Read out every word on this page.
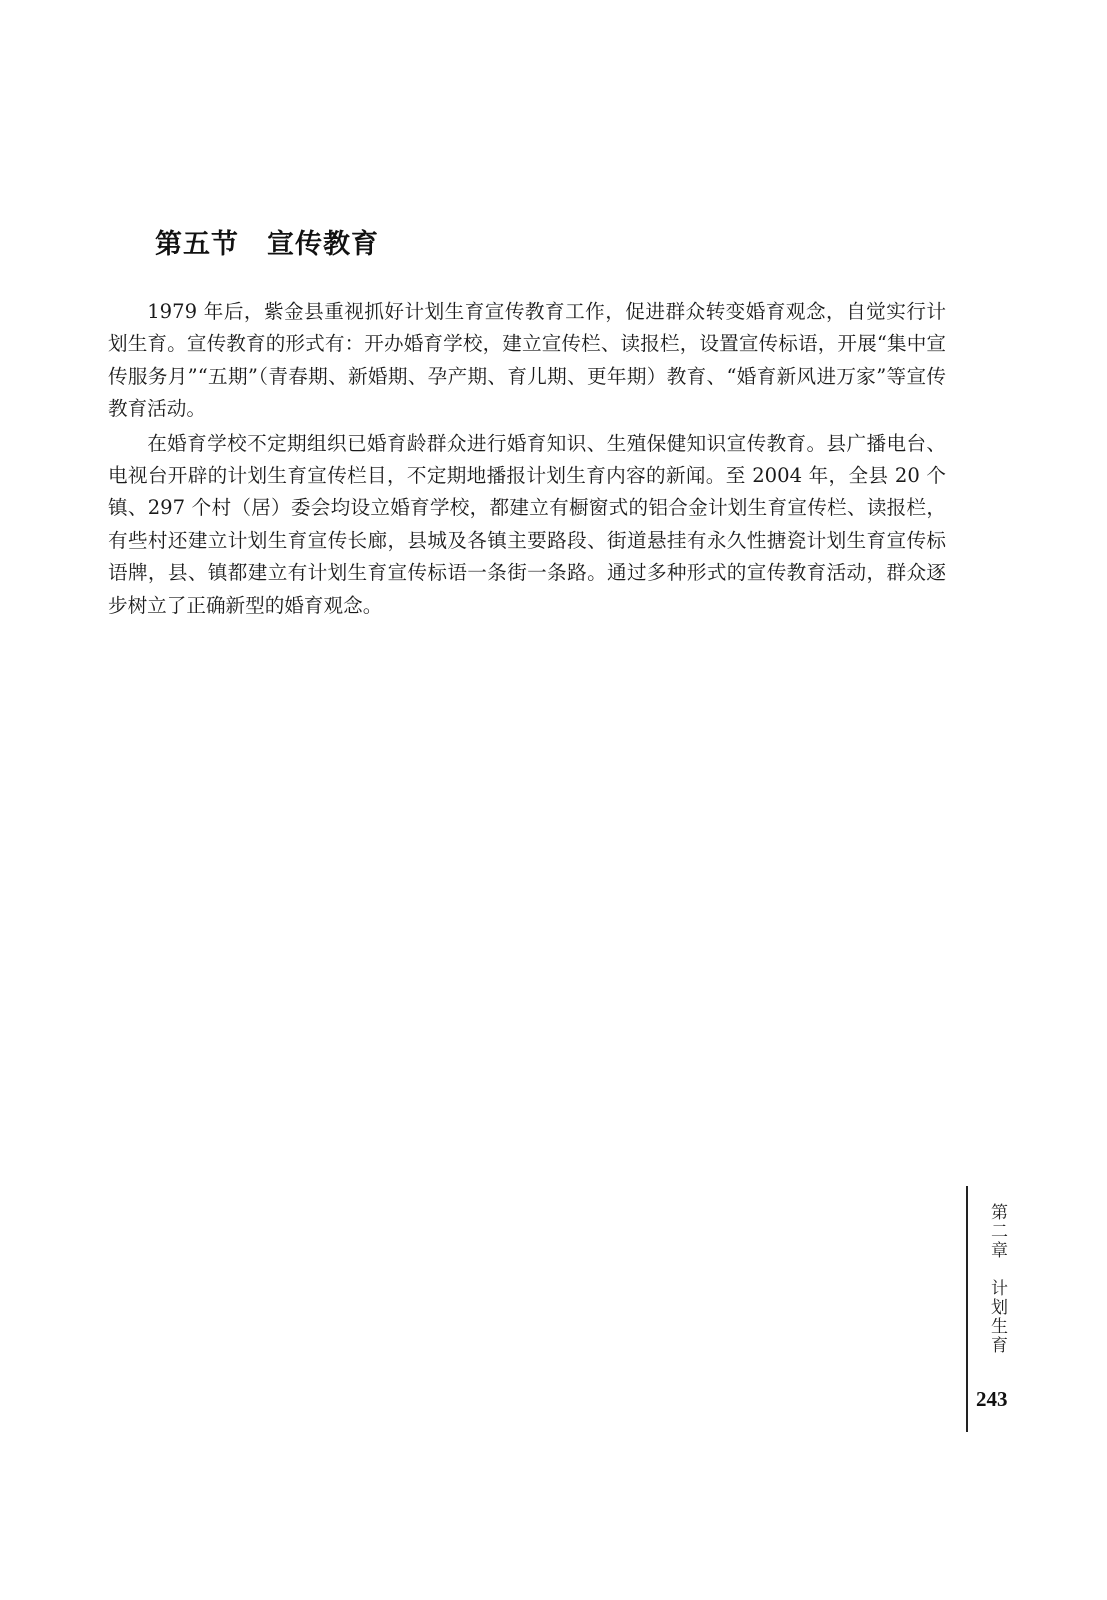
第五节　宣传教育

1979 年后，紫金县重视抓好计划生育宣传教育工作，促进群众转变婚育观念，自觉实行计划生育。宣传教育的形式有：开办婚育学校，建立宣传栏、读报栏，设置宣传标语，开展“集中宣传服务月”“五期”（青春期、新婚期、孕产期、育儿期、更年期）教育、“婚育新风进万家”等宣传教育活动。

在婚育学校不定期组织已婚育龄群众进行婚育知识、生殖保健知识宣传教育。县广播电台、电视台开辟的计划生育宣传栏目，不定期地播报计划生育内容的新闻。至 2004 年，全县 20 个镇、297 个村（居）委会均设立婚育学校，都建立有橱窗式的铝合金计划生育宣传栏、读报栏，有些村还建立计划生育宣传长廊，县城及各镇主要路段、街道悬挂有永久性搪瓷计划生育宣传标语牌，县、镇都建立有计划生育宣传标语一条街一条路。通过多种形式的宣传教育活动，群众逐步树立了正确新型的婚育观念。

第二章　计划生育
243
